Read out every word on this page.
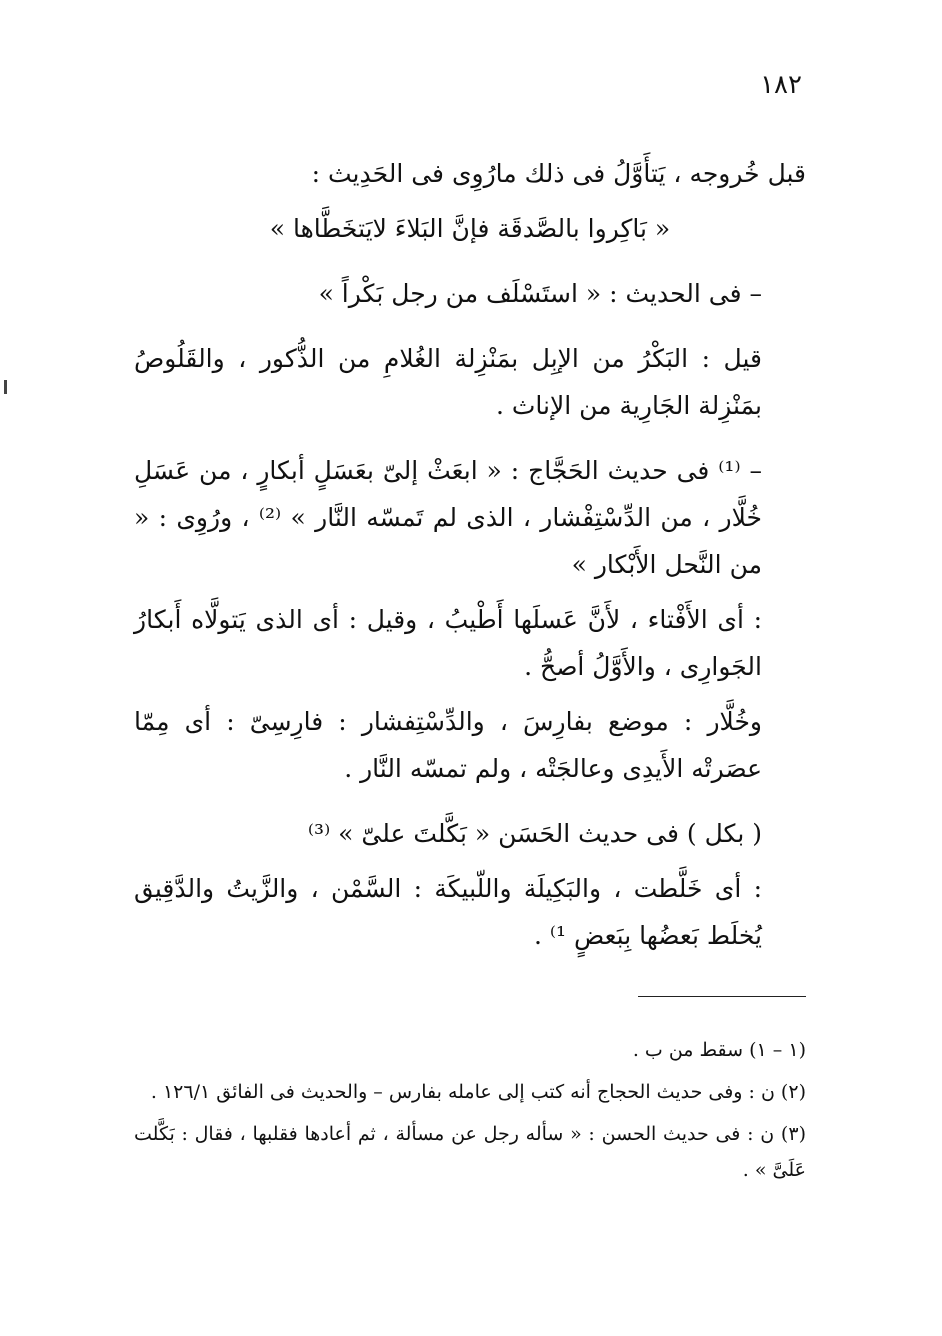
١٨٢

قبل خُروجه ، يَتأَوَّلُ فى ذلك مارُوِى فى الحَدِيث :

« بَاكِروا بالصَّدقَة فإنَّ البَلاءَ لايَتخَطَّاها »

– فى الحديث : « استَسْلَف من رجل بَكْراً »

قيل : البَكْرُ من الإبِل بمَنْزِلة الغُلامِ من الذُّكور ، والقَلُوصُ بمَنْزِلة الجَارِية من الإناث .

– ⁽¹⁾ فى حديث الحَجَّاج : « ابعَثْ إلىّ بعَسَلٍ أبكارٍ ، من عَسَلِ خُلَّار ، من الدِّسْتِفْشار ، الذى لم تَمسّه النَّار » ⁽²⁾ ، ورُوِى : « من النَّحل الأَبْكار »

: أى الأَفْتاء ، لأَنَّ عَسلَها أَطْيبُ ، وقيل : أى الذى يَتولَّاه أَبكارُ الجَوارِى ، والأَوَّلُ أصحُّ .

وخُلَّار : موضع بفارِسَ ، والدِّسْتِفشار : فارِسِىّ : أى مِمّا عصَرتْه الأَيدِى وعالجَتْه ، ولم تمسّه النَّار .

( بكل ) فى حديث الحَسَن « بَكَّلتَ علىّ » ⁽³⁾

: أى خَلَّطت ، والبَكِيلَة واللّبيكَة : السَّمْن ، والزَّيتُ والدَّقِيق يُخلَط بَعضُها بِبَعضٍ ¹⁾ .

(١ – ١) سقط من ب .

(٢) ن : وفى حديث الحجاج أنه كتب إلى عامله بفارس – والحديث فى الفائق ١٢٦/١ .

(٣) ن : فى حديث الحسن : « سأله رجل عن مسألة ، ثم أعادها فقلبها ، فقال : بَكَّلت عَلَىَّ » .
